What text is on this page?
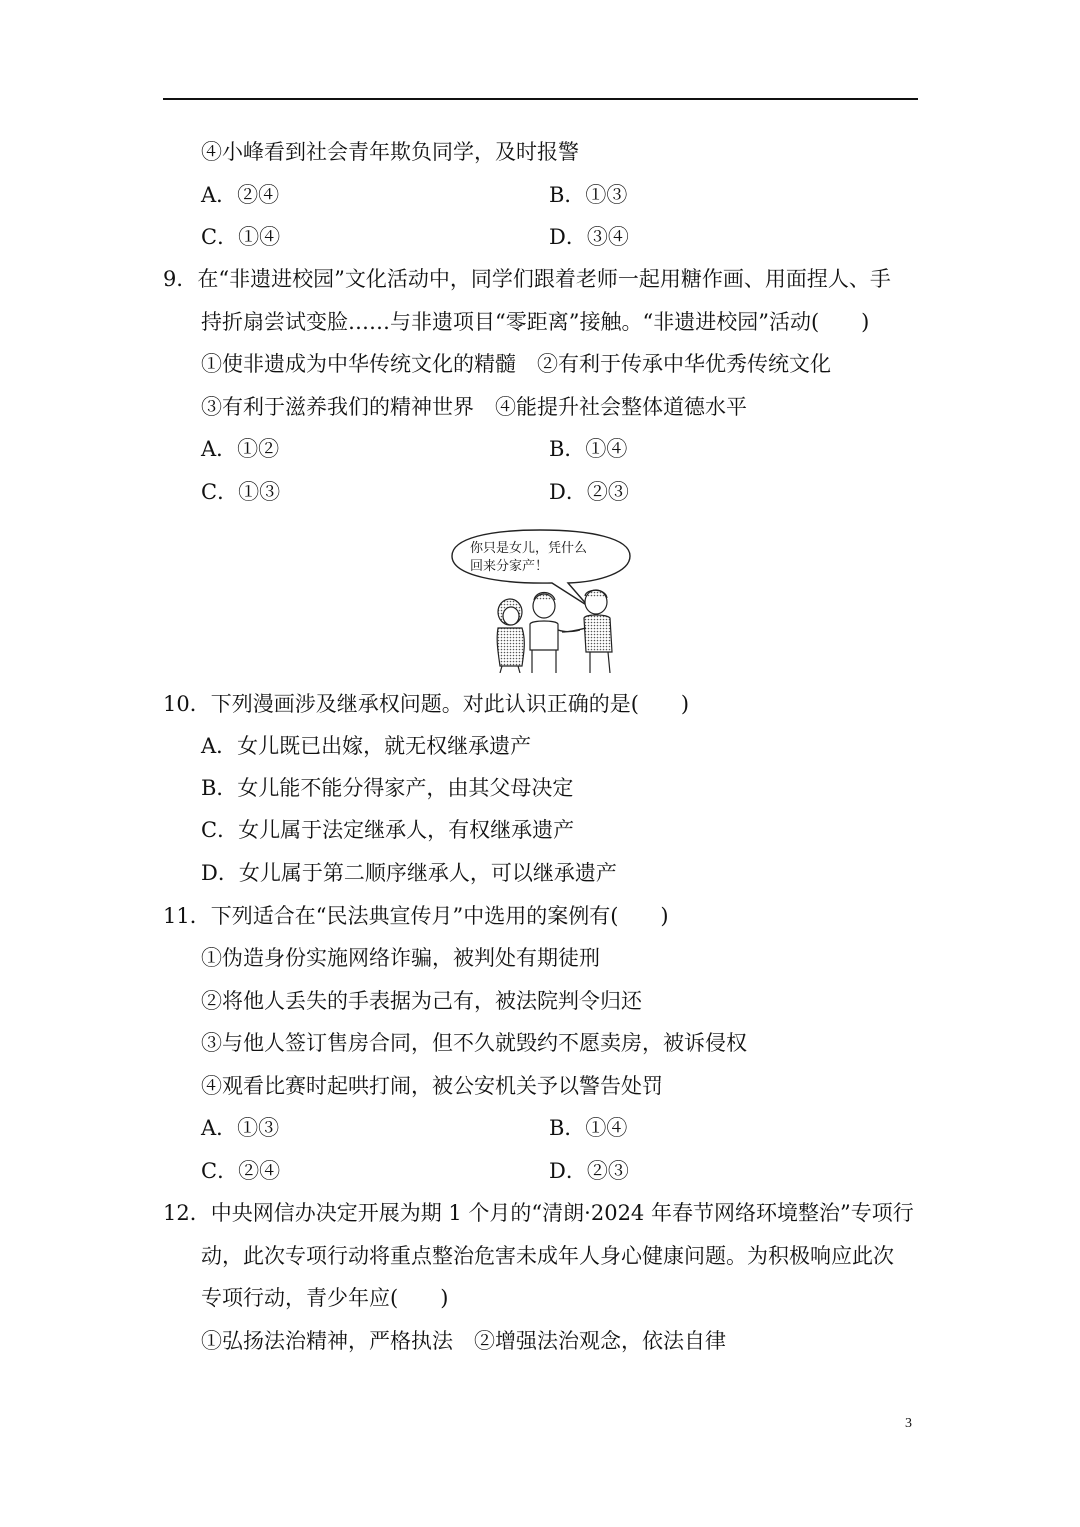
④小峰看到社会青年欺负同学，及时报警
A．②④	B．①③
C．①④	D．③④
9．在“非遗进校园”文化活动中，同学们跟着老师一起用糖作画、用面捏人、手
持折扇尝试变脸……与非遗项目“零距离”接触。“非遗进校园”活动(　　)
①使非遗成为中华传统文化的精髓　②有利于传承中华优秀传统文化
③有利于滋养我们的精神世界　④能提升社会整体道德水平
A．①②	B．①④
C．①③	D．②③
你只是女儿，凭什么
回来分家产！
10．下列漫画涉及继承权问题。对此认识正确的是(　　)
A．女儿既已出嫁，就无权继承遗产
B．女儿能不能分得家产，由其父母决定
C．女儿属于法定继承人，有权继承遗产
D．女儿属于第二顺序继承人，可以继承遗产
11．下列适合在“民法典宣传月”中选用的案例有(　　)
①伪造身份实施网络诈骗，被判处有期徒刑
②将他人丢失的手表据为己有，被法院判令归还
③与他人签订售房合同，但不久就毁约不愿卖房，被诉侵权
④观看比赛时起哄打闹，被公安机关予以警告处罚
A．①③	B．①④
C．②④	D．②③
12．中央网信办决定开展为期 1 个月的“清朗·2024 年春节网络环境整治”专项行
动，此次专项行动将重点整治危害未成年人身心健康问题。为积极响应此次
专项行动，青少年应(　　)
①弘扬法治精神，严格执法　②增强法治观念，依法自律
3
